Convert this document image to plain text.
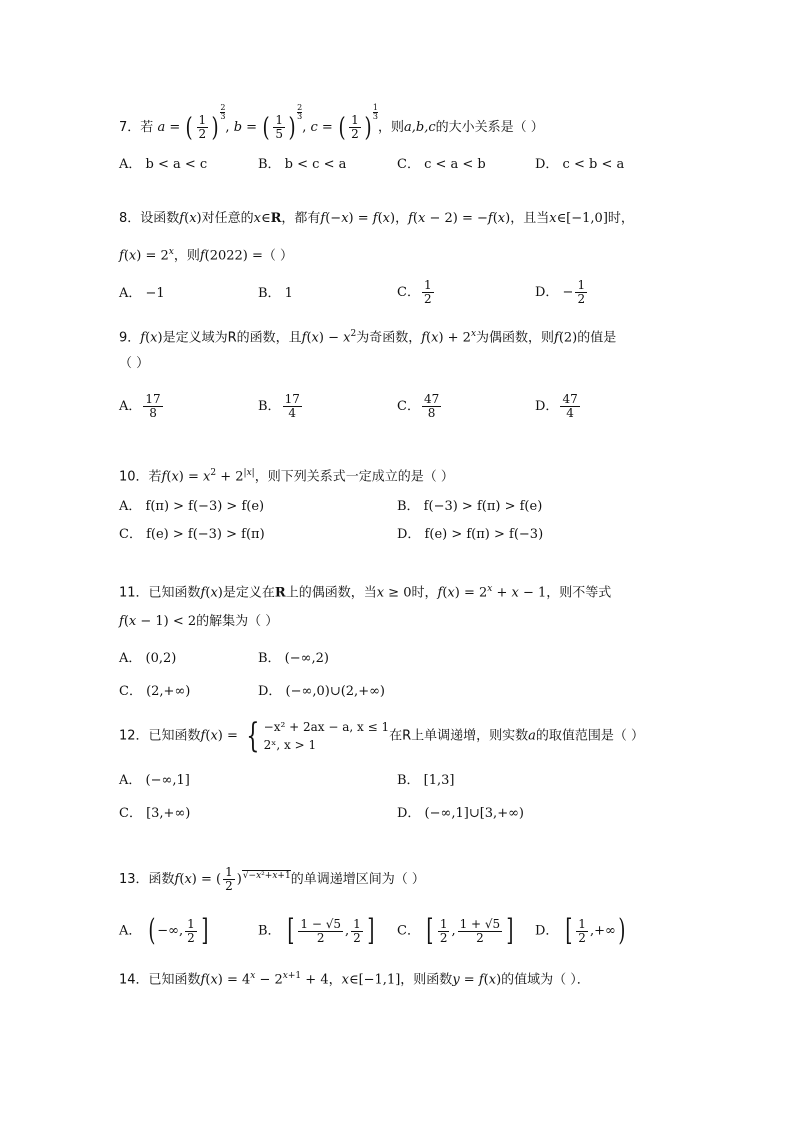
7．若 a = ( $\frac{1}{2}$ ) $\frac{2}{3}$
, b = ( $\frac{1}{5}$ ) $\frac{2}{3}$
, c = ( $\frac{1}{2}$ ) $\frac{1}{3}$
，则a,b,c的大小关系是（ ）
A． b < a < c	B． b < c < a	C． c < a < b	D． c < b < a
8．设函数f(x)对任意的x∈R，都有f(−x) = f(x)，f(x − 2) = −f(x)，且当x∈[−1,0]时，
$f(x) = 2^x$，则f(2022) =（ ）
A． −1	B． 1	C． $\frac{1}{2}$	D． − $\frac{1}{2}$
9．f(x)是定义域为R的函数，且$f(x) - x^2$为奇函数，$f(x) + 2^x$为偶函数，则f(2)的值是
（ ）
A． $\frac{17}{8}$	B． $\frac{17}{4}$	C． $\frac{47}{8}$	D． $\frac{47}{4}$
10．若$f(x) = x^2 + 2^{|x|}$，则下列关系式一定成立的是（ ）
A． f(π) > f(−3) > f(e)	B． f(−3) > f(π) > f(e)
C． f(e) > f(−3) > f(π)	D． f(e) > f(π) > f(−3)
11．已知函数f(x)是定义在R上的偶函数，当x ≥ 0时，$f(x) = 2^x + x - 1$，则不等式
f(x − 1) < 2的解集为（ ）
A． (0,2)	B． (−∞,2)
C． (2,+∞)	D． (−∞,0)∪(2,+∞)
12．已知函数f(x) = { −x² + 2ax − a, x ≤ 1
2ˣ, x > 1
在R上单调递增，则实数a的取值范围是（ ）
A． (−∞,1]	B． [1,3]
C． [3,+∞)	D． (−∞,1]∪[3,+∞)
13．函数f(x) = ( $\frac{1}{2} )^{√-x^2+x+1}$的单调递增区间为（ ）
A． ( −∞, $\frac{1}{2}$ ]	B． [ $\frac{1 - √5}{2}$ , $\frac{1}{2}$ ] C． [ $\frac{1}{2}$ , $\frac{1 + √5}{2}$ ] D． [ $\frac{1}{2}$ ,+∞)
14．已知函数$f(x) = 4^x - 2^{x+1} + 4$，x∈[−1,1]，则函数y = f(x)的值域为（ ）．
